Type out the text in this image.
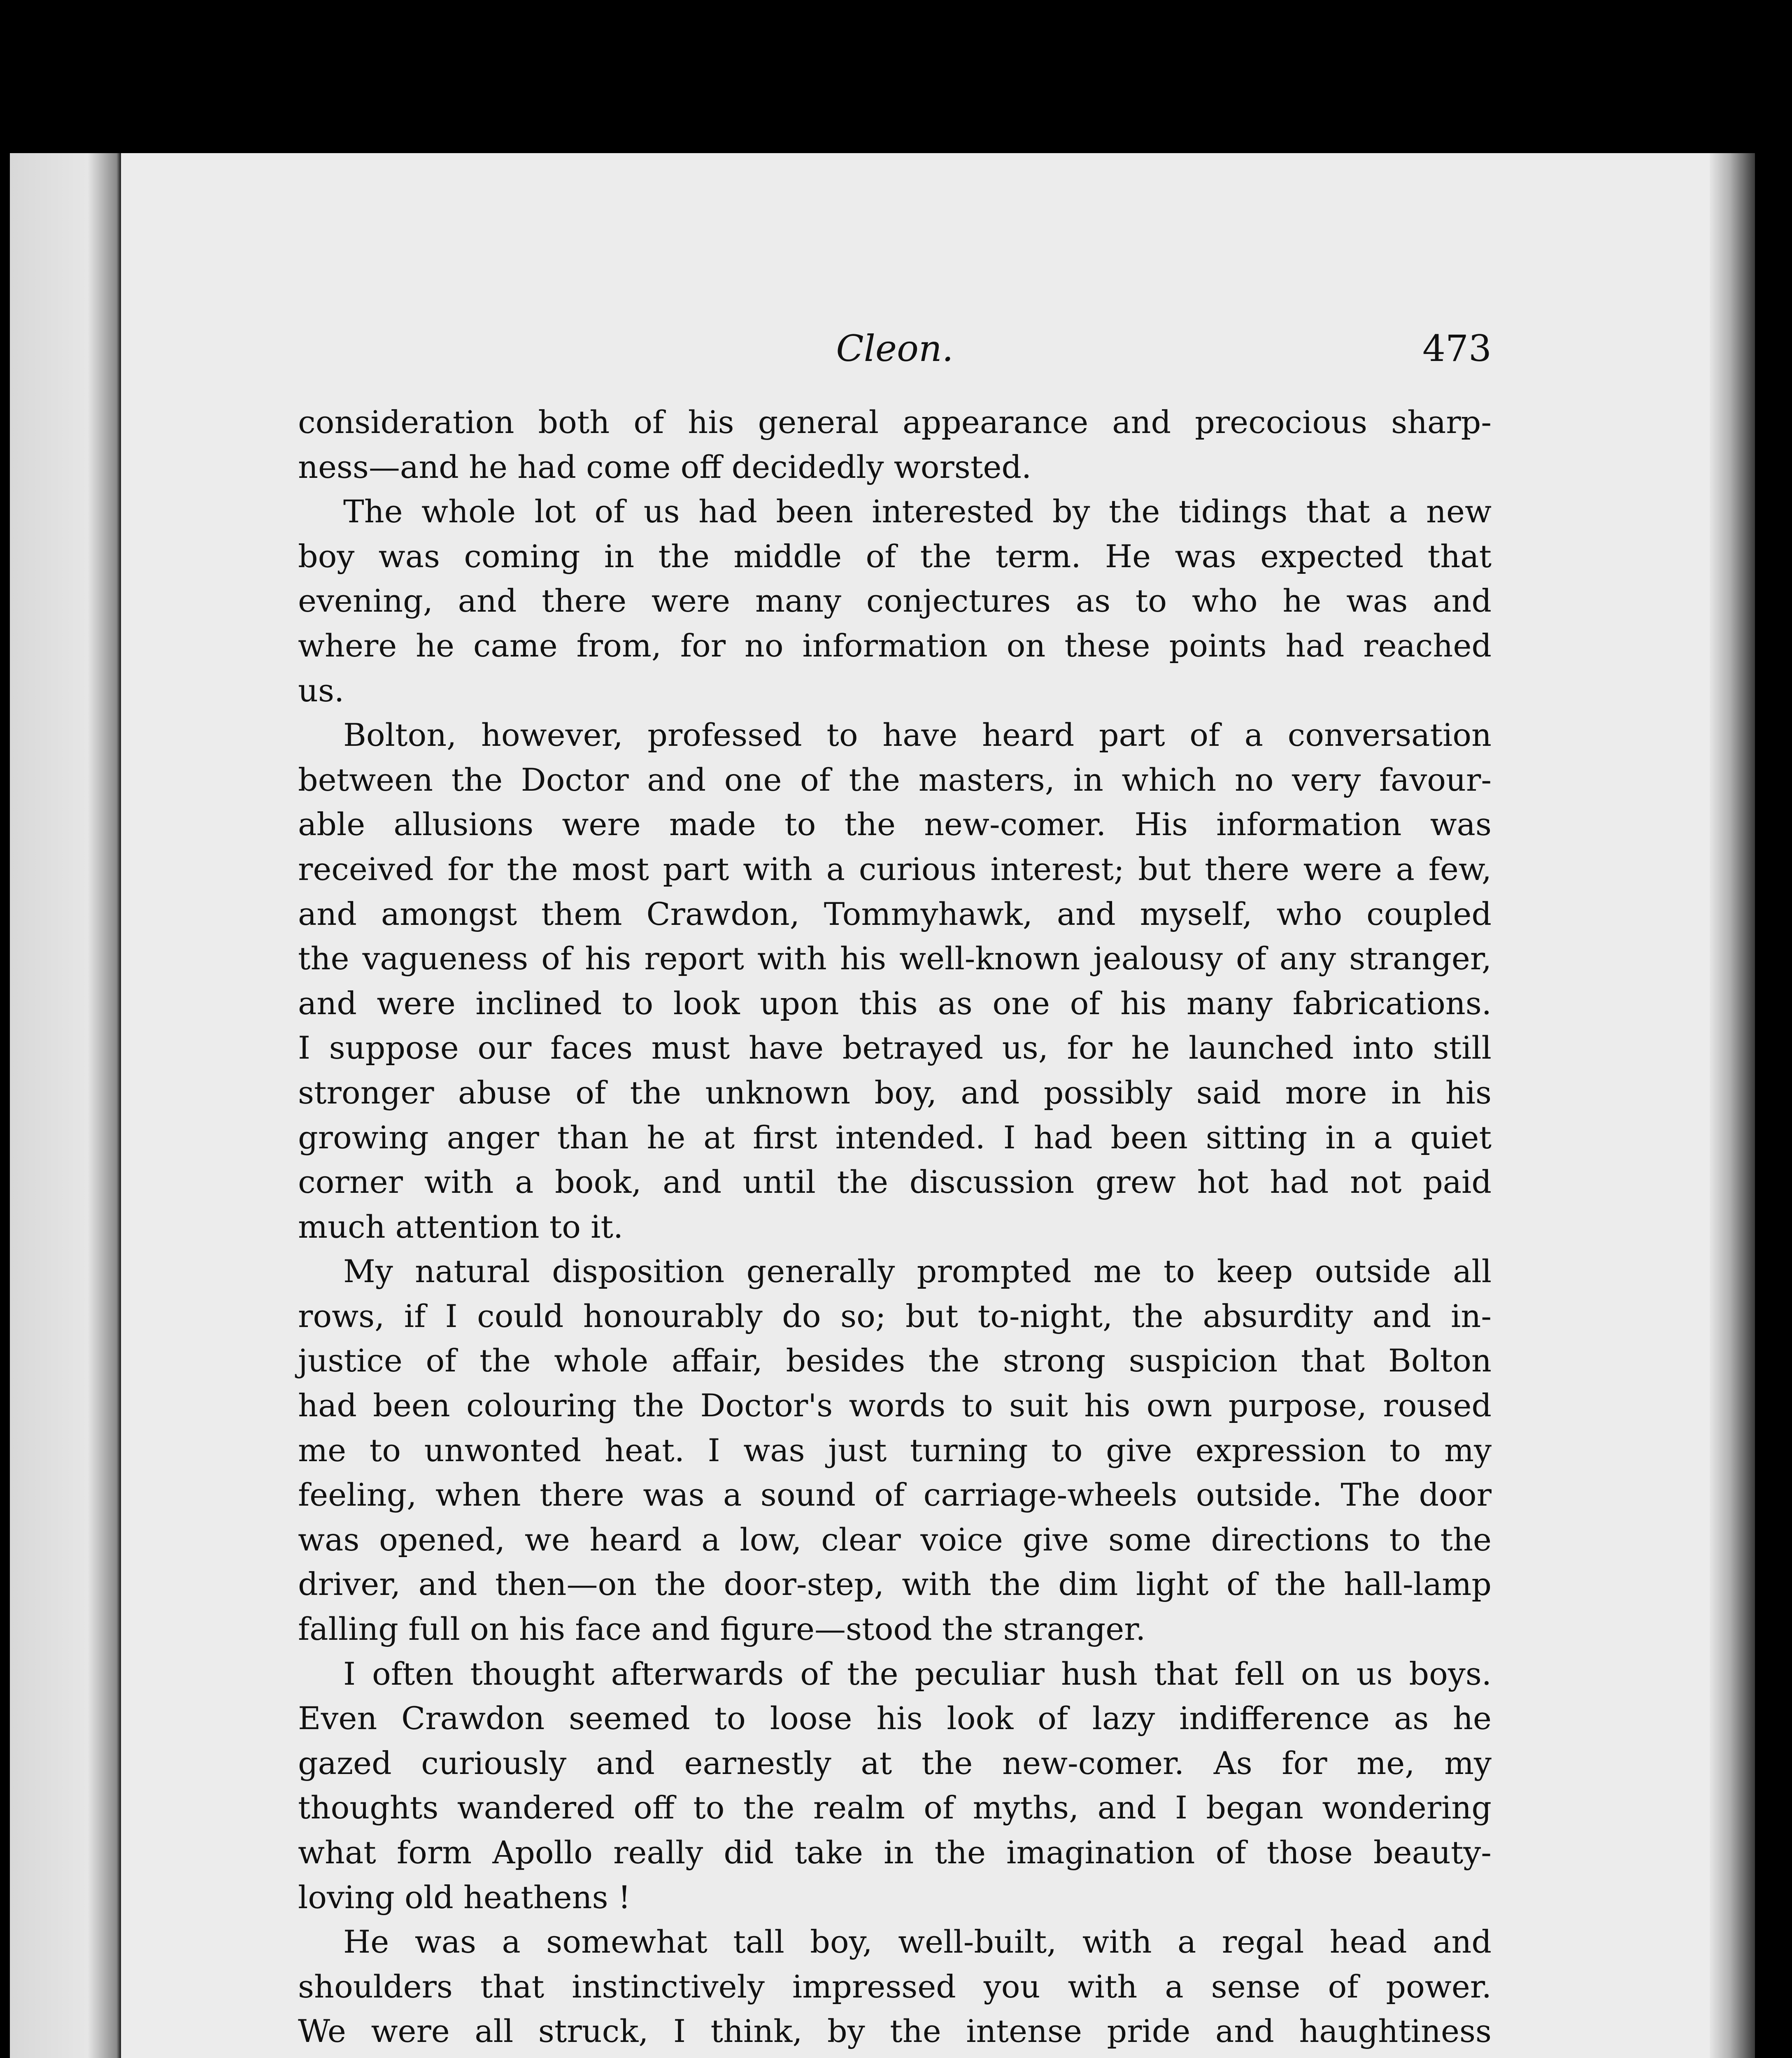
Cleon.	473
consideration both of his general appearance and precocious sharp-
ness—and he had come off decidedly worsted.
The whole lot of us had been interested by the tidings that a new
boy was coming in the middle of the term. He was expected that
evening, and there were many conjectures as to who he was and
where he came from, for no information on these points had reached
us.
Bolton, however, professed to have heard part of a conversation
between the Doctor and one of the masters, in which no very favour-
able allusions were made to the new-comer. His information was
received for the most part with a curious interest; but there were a few,
and amongst them Crawdon, Tommyhawk, and myself, who coupled
the vagueness of his report with his well-known jealousy of any stranger,
and were inclined to look upon this as one of his many fabrications.
I suppose our faces must have betrayed us, for he launched into still
stronger abuse of the unknown boy, and possibly said more in his
growing anger than he at first intended. I had been sitting in a quiet
corner with a book, and until the discussion grew hot had not paid
much attention to it.
My natural disposition generally prompted me to keep outside all
rows, if I could honourably do so; but to-night, the absurdity and in-
justice of the whole affair, besides the strong suspicion that Bolton
had been colouring the Doctor's words to suit his own purpose, roused
me to unwonted heat. I was just turning to give expression to my
feeling, when there was a sound of carriage-wheels outside. The door
was opened, we heard a low, clear voice give some directions to the
driver, and then—on the door-step, with the dim light of the hall-lamp
falling full on his face and figure—stood the stranger.
I often thought afterwards of the peculiar hush that fell on us boys.
Even Crawdon seemed to loose his look of lazy indifference as he
gazed curiously and earnestly at the new-comer. As for me, my
thoughts wandered off to the realm of myths, and I began wondering
what form Apollo really did take in the imagination of those beauty-
loving old heathens !
He was a somewhat tall boy, well-built, with a regal head and
shoulders that instinctively impressed you with a sense of power.
We were all struck, I think, by the intense pride and haughtiness
